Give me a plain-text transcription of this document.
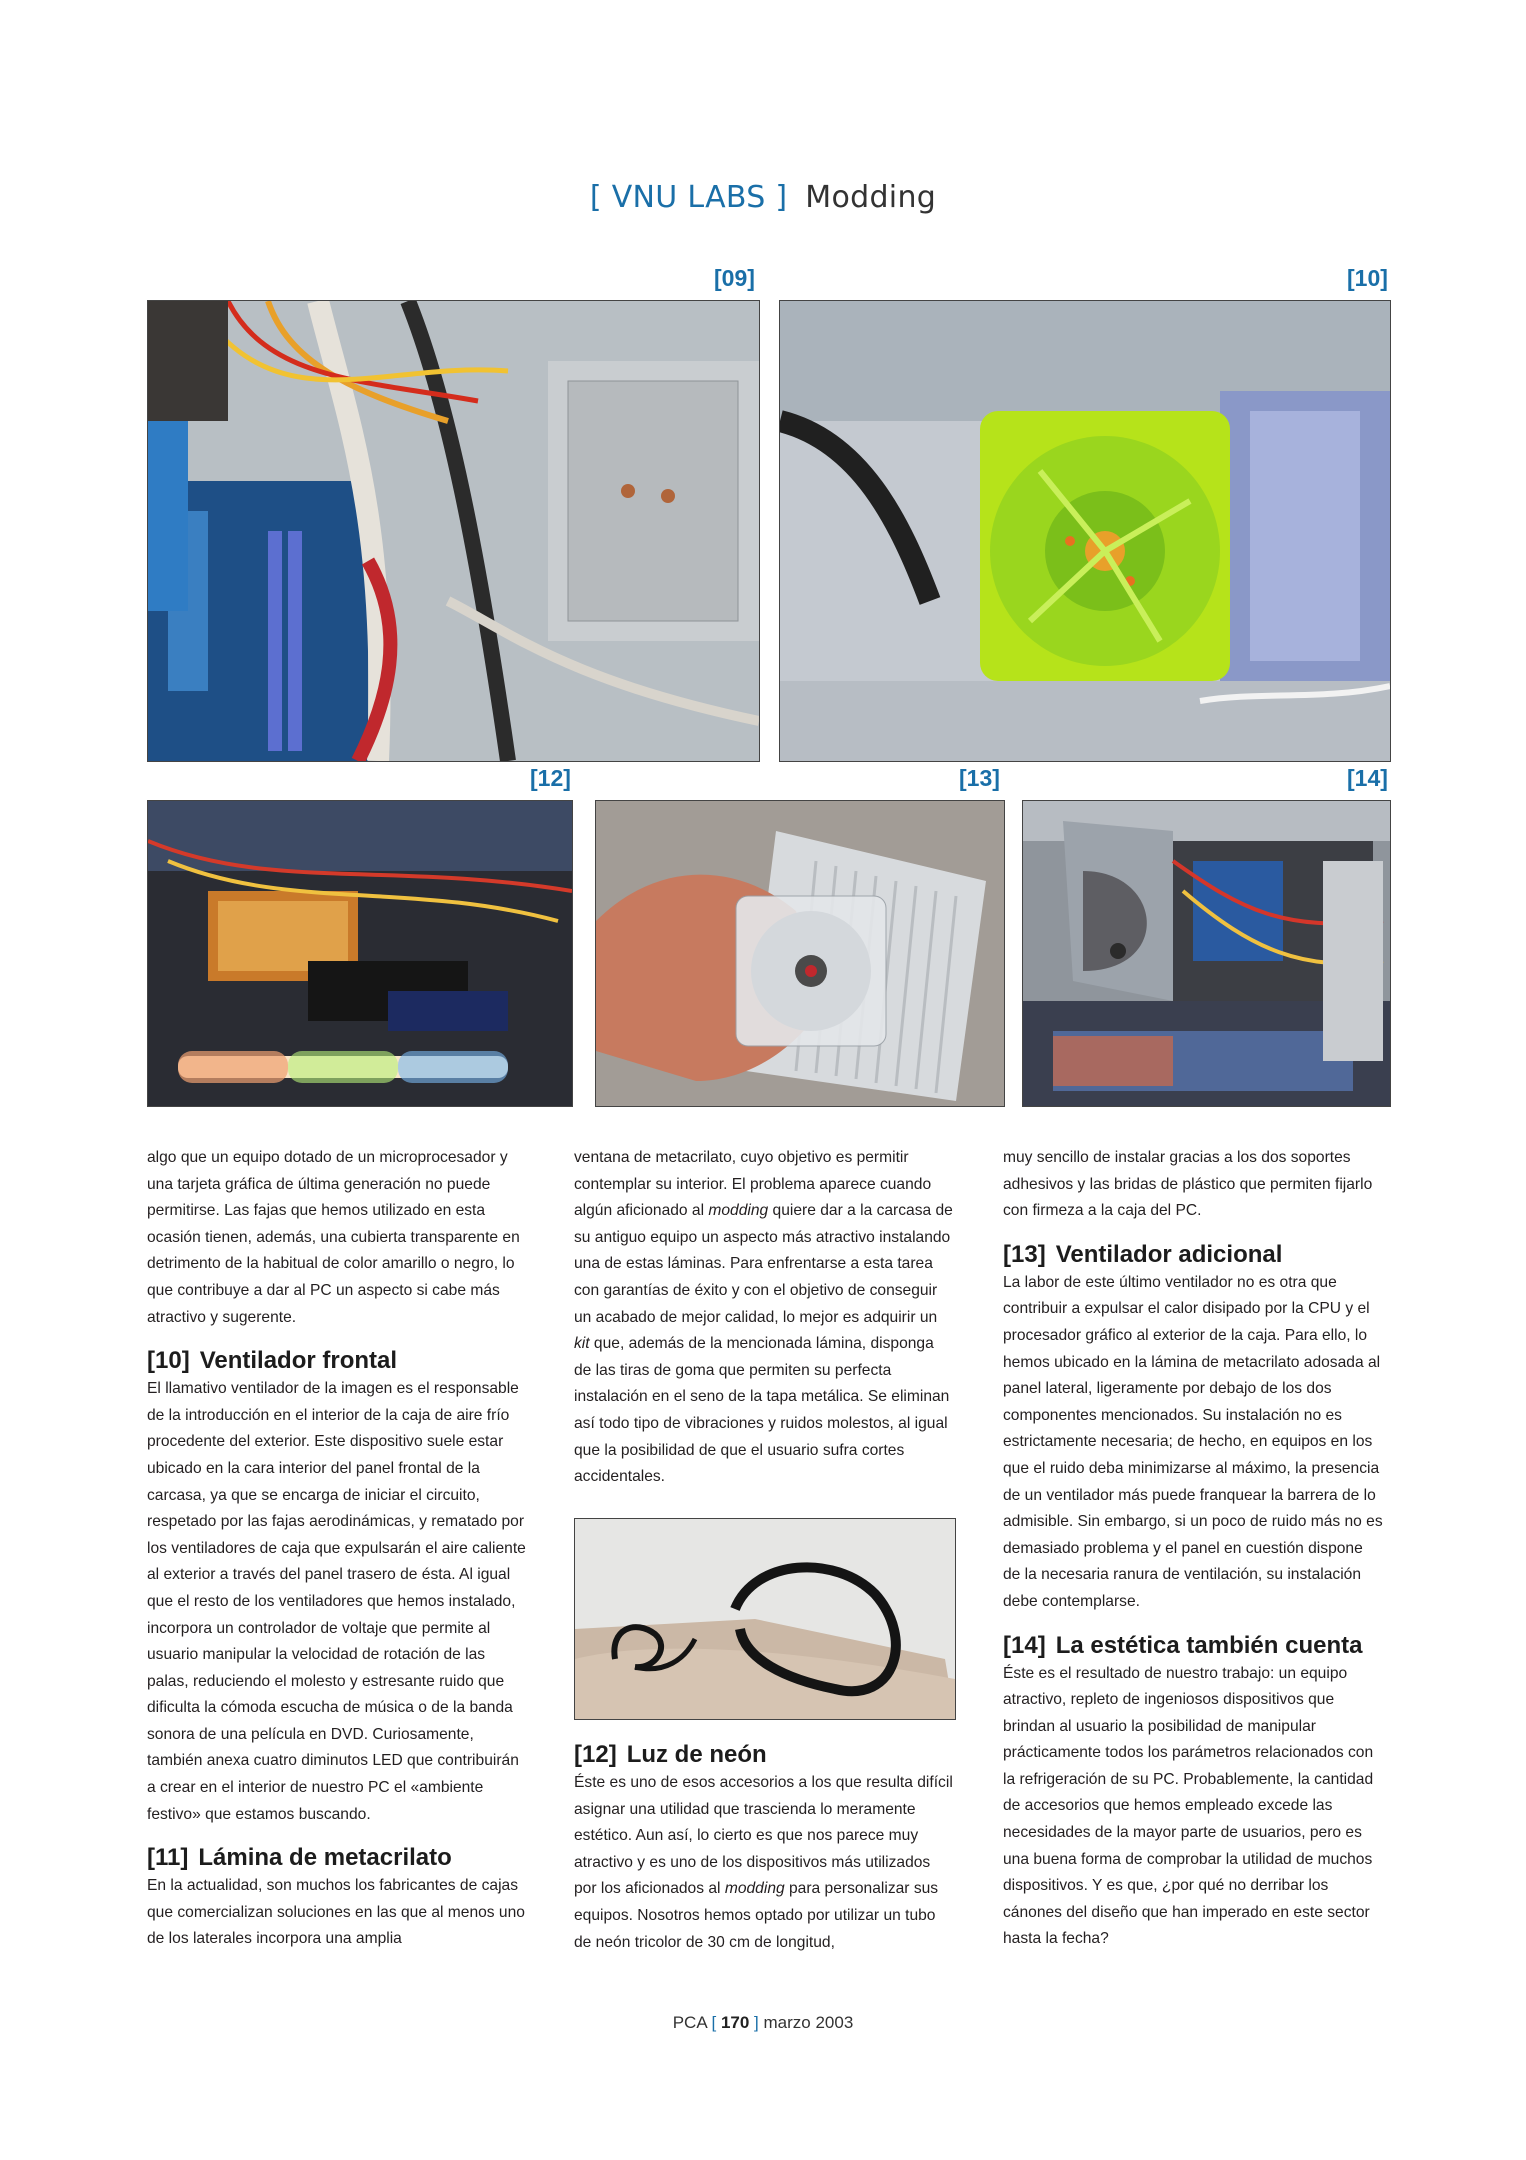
[ VNU LABS ] Modding
[09]	[10]
[12]	[13]	[14]

algo que un equipo dotado de un microprocesador y una tarjeta gráfica de última generación no puede permitirse. Las fajas que hemos utilizado en esta ocasión tienen, además, una cubierta transparente en detrimento de la habitual de color amarillo o negro, lo que contribuye a dar al PC un aspecto si cabe más atractivo y sugerente.

[10] Ventilador frontal

El llamativo ventilador de la imagen es el responsable de la introducción en el interior de la caja de aire frío procedente del exterior. Este dispositivo suele estar ubicado en la cara interior del panel frontal de la carcasa, ya que se encarga de iniciar el circuito, respetado por las fajas aerodinámicas, y rematado por los ventiladores de caja que expulsarán el aire caliente al exterior a través del panel trasero de ésta. Al igual que el resto de los ventiladores que hemos instalado, incorpora un controlador de voltaje que permite al usuario manipular la velocidad de rotación de las palas, reduciendo el molesto y estresante ruido que dificulta la cómoda escucha de música o de la banda sonora de una película en DVD. Curiosamente, también anexa cuatro diminutos LED que contribuirán a crear en el interior de nuestro PC el «ambiente festivo» que estamos buscando.

[11] Lámina de metacrilato

En la actualidad, son muchos los fabricantes de cajas que comercializan soluciones en las que al menos uno de los laterales incorpora una amplia

ventana de metacrilato, cuyo objetivo es permitir contemplar su interior. El problema aparece cuando algún aficionado al modding quiere dar a la carcasa de su antiguo equipo un aspecto más atractivo instalando una de estas láminas. Para enfrentarse a esta tarea con garantías de éxito y con el objetivo de conseguir un acabado de mejor calidad, lo mejor es adquirir un kit que, además de la mencionada lámina, disponga de las tiras de goma que permiten su perfecta instalación en el seno de la tapa metálica. Se eliminan así todo tipo de vibraciones y ruidos molestos, al igual que la posibilidad de que el usuario sufra cortes accidentales.

[12] Luz de neón

Éste es uno de esos accesorios a los que resulta difícil asignar una utilidad que trascienda lo meramente estético. Aun así, lo cierto es que nos parece muy atractivo y es uno de los dispositivos más utilizados por los aficionados al modding para personalizar sus equipos. Nosotros hemos optado por utilizar un tubo de neón tricolor de 30 cm de longitud,

muy sencillo de instalar gracias a los dos soportes adhesivos y las bridas de plástico que permiten fijarlo con firmeza a la caja del PC.

[13] Ventilador adicional

La labor de este último ventilador no es otra que contribuir a expulsar el calor disipado por la CPU y el procesador gráfico al exterior de la caja. Para ello, lo hemos ubicado en la lámina de metacrilato adosada al panel lateral, ligeramente por debajo de los dos componentes mencionados. Su instalación no es estrictamente necesaria; de hecho, en equipos en los que el ruido deba minimizarse al máximo, la presencia de un ventilador más puede franquear la barrera de lo admisible. Sin embargo, si un poco de ruido más no es demasiado problema y el panel en cuestión dispone de la necesaria ranura de ventilación, su instalación debe contemplarse.

[14] La estética también cuenta

Éste es el resultado de nuestro trabajo: un equipo atractivo, repleto de ingeniosos dispositivos que brindan al usuario la posibilidad de manipular prácticamente todos los parámetros relacionados con la refrigeración de su PC. Probablemente, la cantidad de accesorios que hemos empleado excede las necesidades de la mayor parte de usuarios, pero es una buena forma de comprobar la utilidad de muchos dispositivos. Y es que, ¿por qué no derribar los cánones del diseño que han imperado en este sector hasta la fecha?

PCA [ 170 ] marzo 2003
